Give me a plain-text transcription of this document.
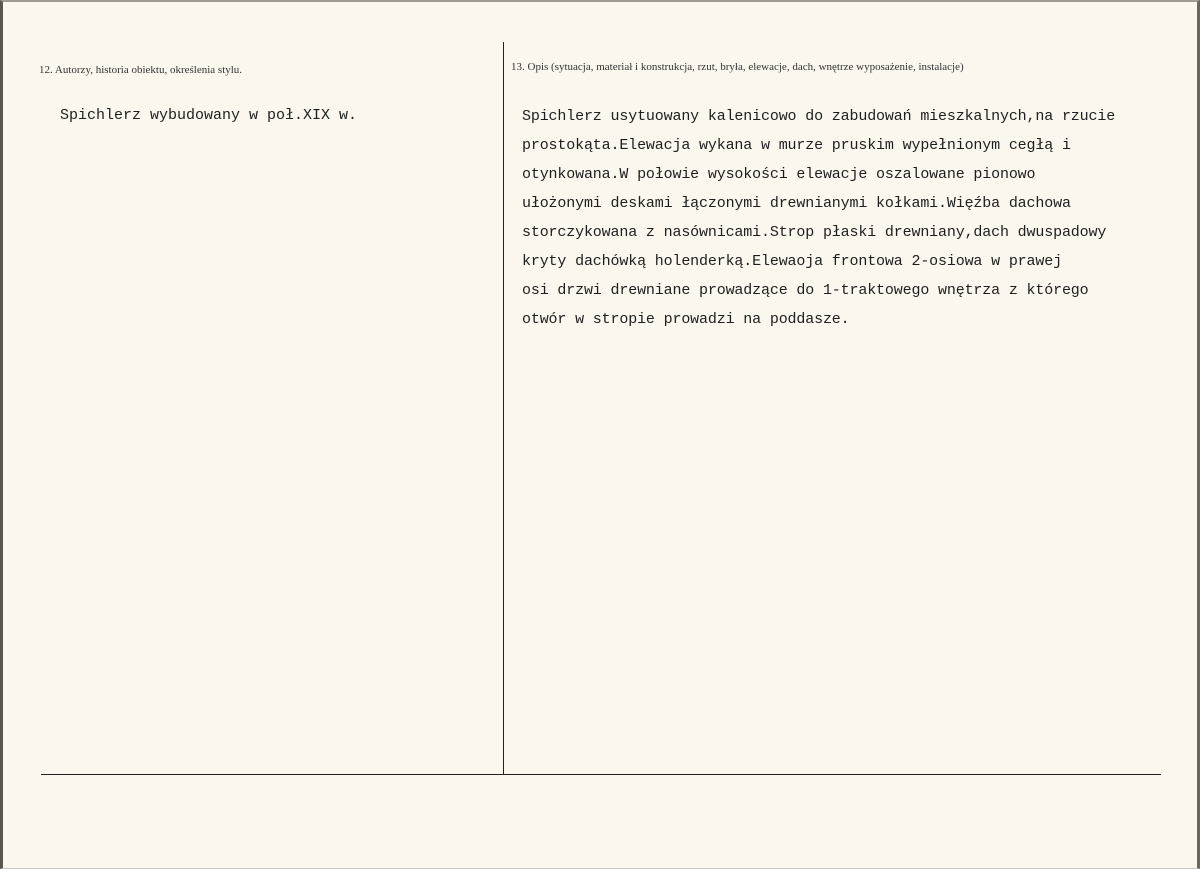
12. Autorzy, historia obiektu, określenia stylu.
Spichlerz wybudowany w poł.XIX w.
13. Opis (sytuacja, materiał i konstrukcja, rzut, bryła, elewacje, dach, wnętrze wyposażenie, instalacje)
Spichlerz usytuowany kalenicowo do zabudowań mieszkalnych,na rzucie
prostokąta.Elewacja wykana w murze pruskim wypełnionym cegłą i
otynkowana.W połowie wysokości elewacje oszalowane pionowo
ułożonymi deskami łączonymi drewnianymi kołkami.Więźba dachowa
storczykowana z nasównicami.Strop płaski drewniany,dach dwuspadowy
kryty dachówką holenderką.Elewaoja frontowa 2-osiowa w prawej
osi drzwi drewniane prowadzące do 1-traktowego wnętrza z którego
otwór w stropie prowadzi na poddasze.
